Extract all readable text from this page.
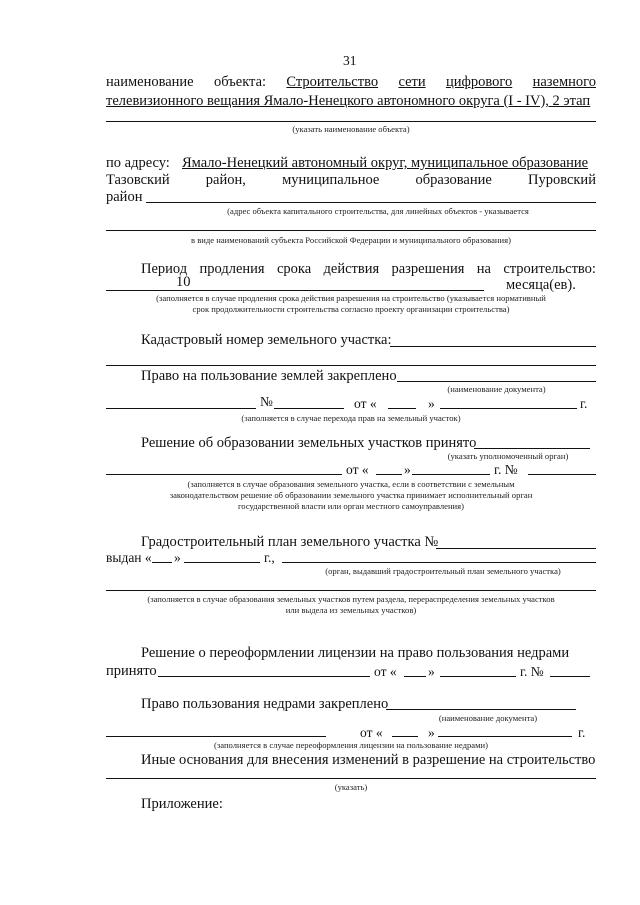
31
наименование объекта: Строительство сети цифрового наземного
телевизионного вещания Ямало-Ненецкого автономного округа (I - IV), 2 этап
(указать наименование объекта)
по адресу: Ямало-Ненецкий автономный округ, муниципальное образование
Тазовский район, муниципальное образование Пуровский
район
(адрес объекта капитального строительства, для линейных объектов - указывается
в виде наименований субъекта Российской Федерации и муниципального образования)
Период продления срока действия разрешения на строительство:
10	месяца(ев).
(заполняется в случае продления срока действия разрешения на строительство (указывается нормативный
срок продолжительности строительства согласно проекту организации строительства)
Кадастровый номер земельного участка:
Право на пользование землей закреплено
(наименование документа)
№	от «	»	г.
(заполняется в случае перехода прав на земельный участок)
Решение об образовании земельных участков принято
(указать уполномоченный орган)
от «	»	г. №
(заполняется в случае образования земельного участка, если в соответствии с земельным
законодательством решение об образовании земельного участка принимает исполнительный орган
государственной власти или орган местного самоуправления)
Градостроительный план земельного участка №
выдан « »	г.,
(орган, выдавший градостроительный план земельного участка)
(заполняется в случае образования земельных участков путем раздела, перераспределения земельных участков
или выдела из земельных участков)
Решение о переоформлении лицензии на право пользования недрами
принято	от « »	г. №
Право пользования недрами закреплено
(наименование документа)
от «	»	г.
(заполняется в случае переоформления лицензии на пользование недрами)
Иные основания для внесения изменений в разрешение на строительство
(указать)
Приложение:
